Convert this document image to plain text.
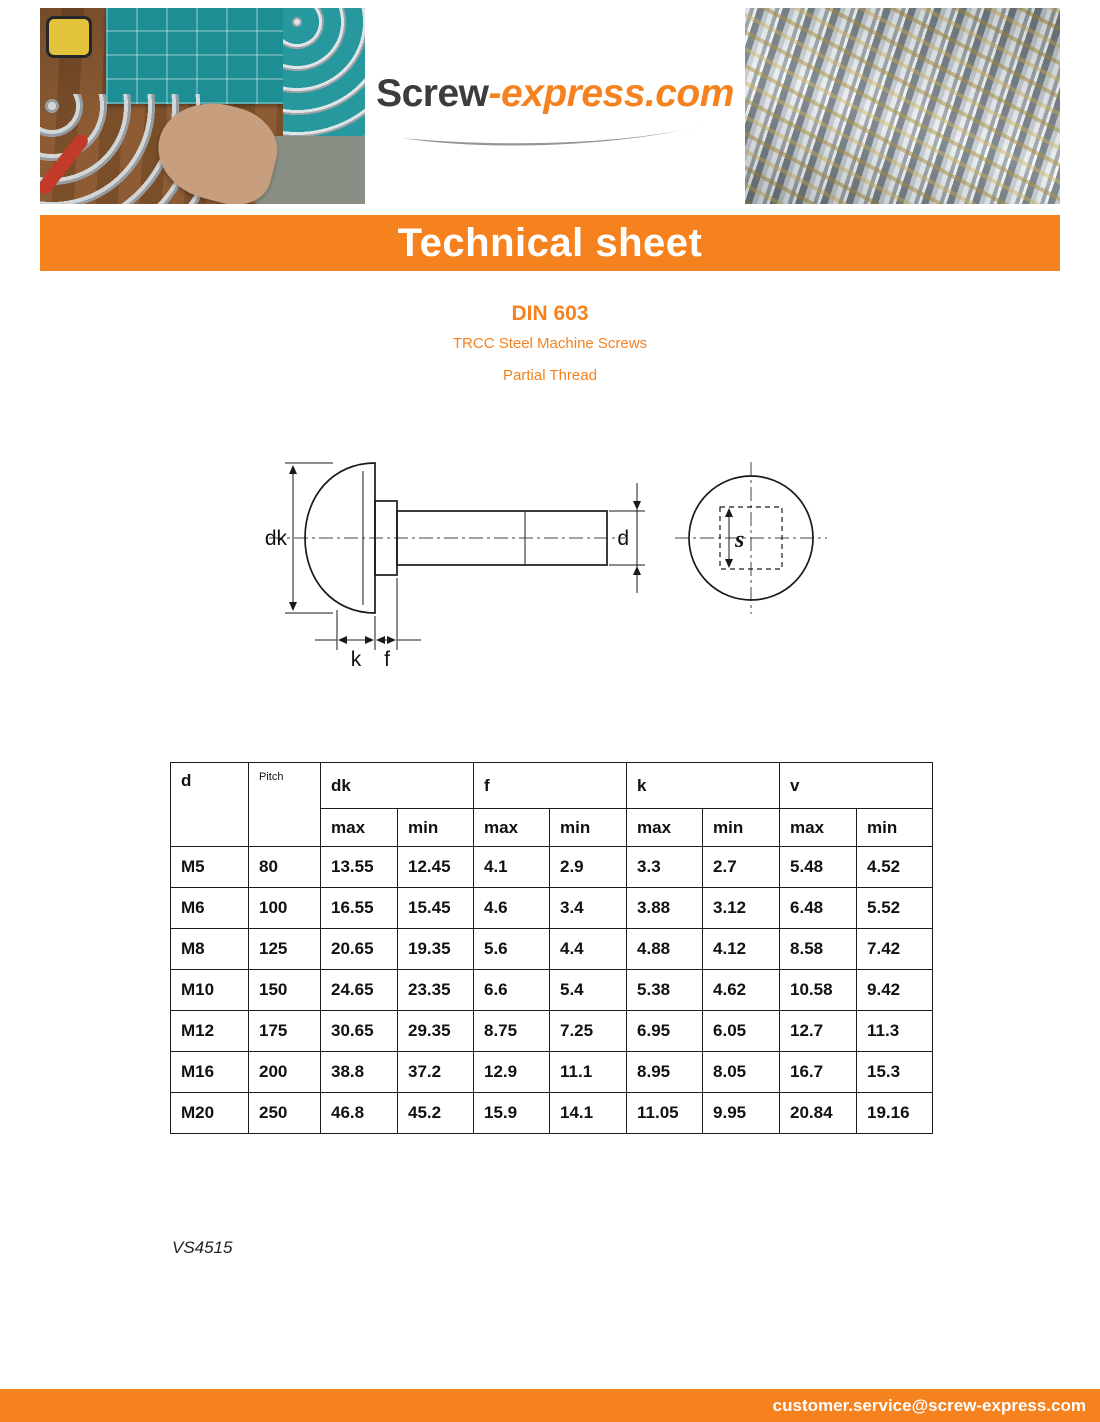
Screw-express.com
Technical sheet
DIN 603
TRCC Steel Machine Screws
Partial Thread
dk	d
k f
s
d	Pitch	dk		f		k		v	
		max	min	max	min	max	min	max	min
M5	80	13.55	12.45	4.1	2.9	3.3	2.7	5.48	4.52
M6	100	16.55	15.45	4.6	3.4	3.88	3.12	6.48	5.52
M8	125	20.65	19.35	5.6	4.4	4.88	4.12	8.58	7.42
M10	150	24.65	23.35	6.6	5.4	5.38	4.62	10.58	9.42
M12	175	30.65	29.35	8.75	7.25	6.95	6.05	12.7	11.3
M16	200	38.8	37.2	12.9	11.1	8.95	8.05	16.7	15.3
M20	250	46.8	45.2	15.9	14.1	11.05	9.95	20.84	19.16
VS4515
customer.service@screw-express.com
